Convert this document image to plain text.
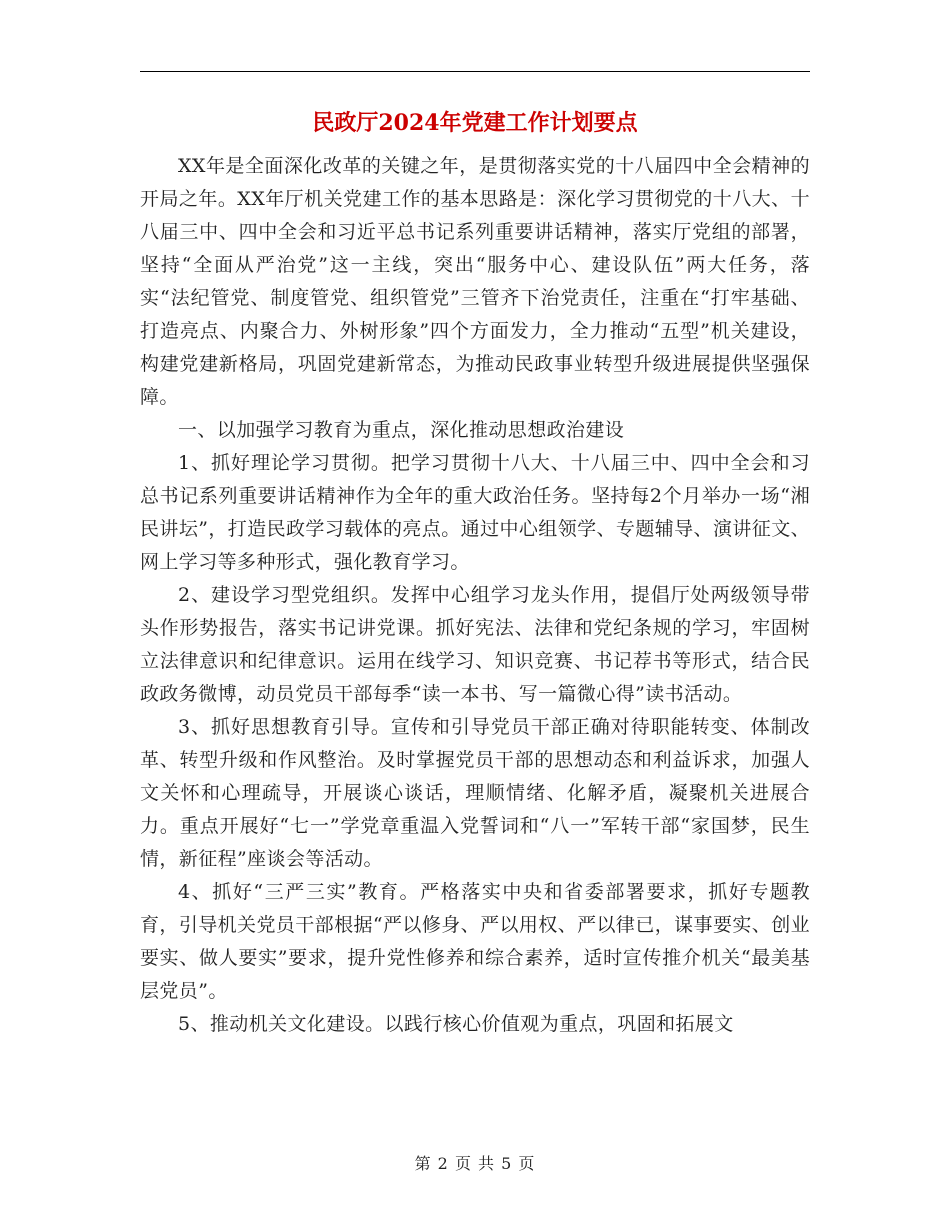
民政厅2024年党建工作计划要点

XX年是全面深化改革的关键之年，是贯彻落实党的十八届四中全会精神的开局之年。XX年厅机关党建工作的基本思路是：深化学习贯彻党的十八大、十八届三中、四中全会和习近平总书记系列重要讲话精神，落实厅党组的部署，坚持“全面从严治党”这一主线，突出“服务中心、建设队伍”两大任务，落实“法纪管党、制度管党、组织管党”三管齐下治党责任，注重在“打牢基础、打造亮点、内聚合力、外树形象”四个方面发力，全力推动“五型”机关建设，构建党建新格局，巩固党建新常态，为推动民政事业转型升级进展提供坚强保障。

一、以加强学习教育为重点，深化推动思想政治建设

1、抓好理论学习贯彻。把学习贯彻十八大、十八届三中、四中全会和习总书记系列重要讲话精神作为全年的重大政治任务。坚持每2个月举办一场“湘民讲坛”，打造民政学习载体的亮点。通过中心组领学、专题辅导、演讲征文、网上学习等多种形式，强化教育学习。

2、建设学习型党组织。发挥中心组学习龙头作用，提倡厅处两级领导带头作形势报告，落实书记讲党课。抓好宪法、法律和党纪条规的学习，牢固树立法律意识和纪律意识。运用在线学习、知识竞赛、书记荐书等形式，结合民政政务微博，动员党员干部每季“读一本书、写一篇微心得”读书活动。

3、抓好思想教育引导。宣传和引导党员干部正确对待职能转变、体制改革、转型升级和作风整治。及时掌握党员干部的思想动态和利益诉求，加强人文关怀和心理疏导，开展谈心谈话，理顺情绪、化解矛盾，凝聚机关进展合力。重点开展好“七一”学党章重温入党誓词和“八一”军转干部“家国梦，民生情，新征程”座谈会等活动。

4、抓好“三严三实”教育。严格落实中央和省委部署要求，抓好专题教育，引导机关党员干部根据“严以修身、严以用权、严以律已，谋事要实、创业要实、做人要实”要求，提升党性修养和综合素养，适时宣传推介机关“最美基层党员”。

5、推动机关文化建设。以践行核心价值观为重点，巩固和拓展文

第 2 页 共 5 页
